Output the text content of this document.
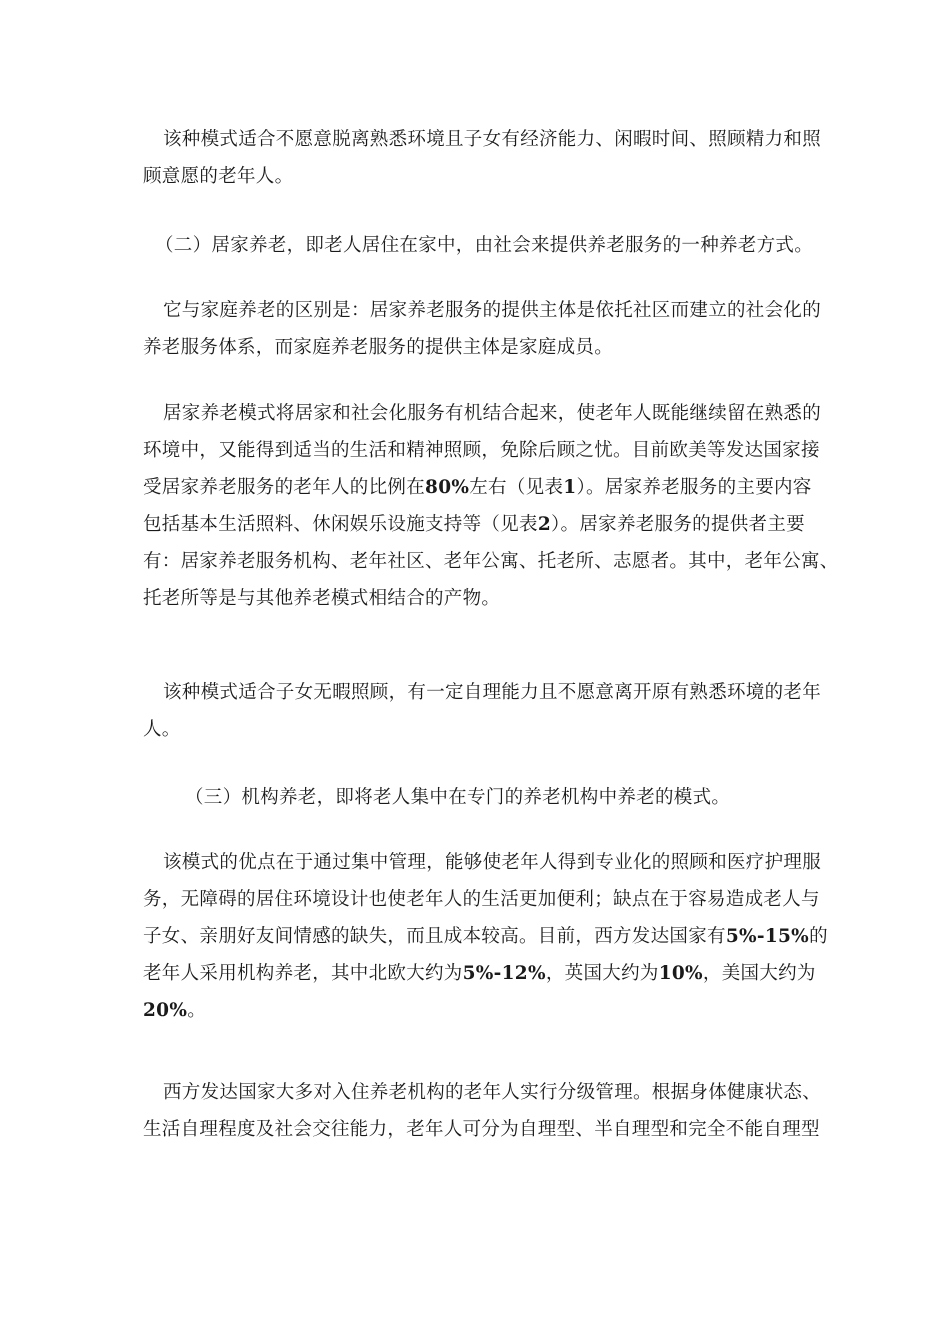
该种模式适合不愿意脱离熟悉环境且子女有经济能力、闲暇时间、照顾精力和照
顾意愿的老年人。

（二）居家养老，即老人居住在家中，由社会来提供养老服务的一种养老方式。

它与家庭养老的区别是：居家养老服务的提供主体是依托社区而建立的社会化的
养老服务体系，而家庭养老服务的提供主体是家庭成员。

居家养老模式将居家和社会化服务有机结合起来，使老年人既能继续留在熟悉的
环境中，又能得到适当的生活和精神照顾，免除后顾之忧。目前欧美等发达国家接
受居家养老服务的老年人的比例在80%左右（见表1）。居家养老服务的主要内容
包括基本生活照料、休闲娱乐设施支持等（见表2）。居家养老服务的提供者主要
有：居家养老服务机构、老年社区、老年公寓、托老所、志愿者。其中，老年公寓、
托老所等是与其他养老模式相结合的产物。

该种模式适合子女无暇照顾，有一定自理能力且不愿意离开原有熟悉环境的老年
人。

（三）机构养老，即将老人集中在专门的养老机构中养老的模式。

该模式的优点在于通过集中管理，能够使老年人得到专业化的照顾和医疗护理服
务，无障碍的居住环境设计也使老年人的生活更加便利；缺点在于容易造成老人与
子女、亲朋好友间情感的缺失，而且成本较高。目前，西方发达国家有5%-15%的
老年人采用机构养老，其中北欧大约为5%-12%，英国大约为10%，美国大约为
20%。

西方发达国家大多对入住养老机构的老年人实行分级管理。根据身体健康状态、
生活自理程度及社会交往能力，老年人可分为自理型、半自理型和完全不能自理型
